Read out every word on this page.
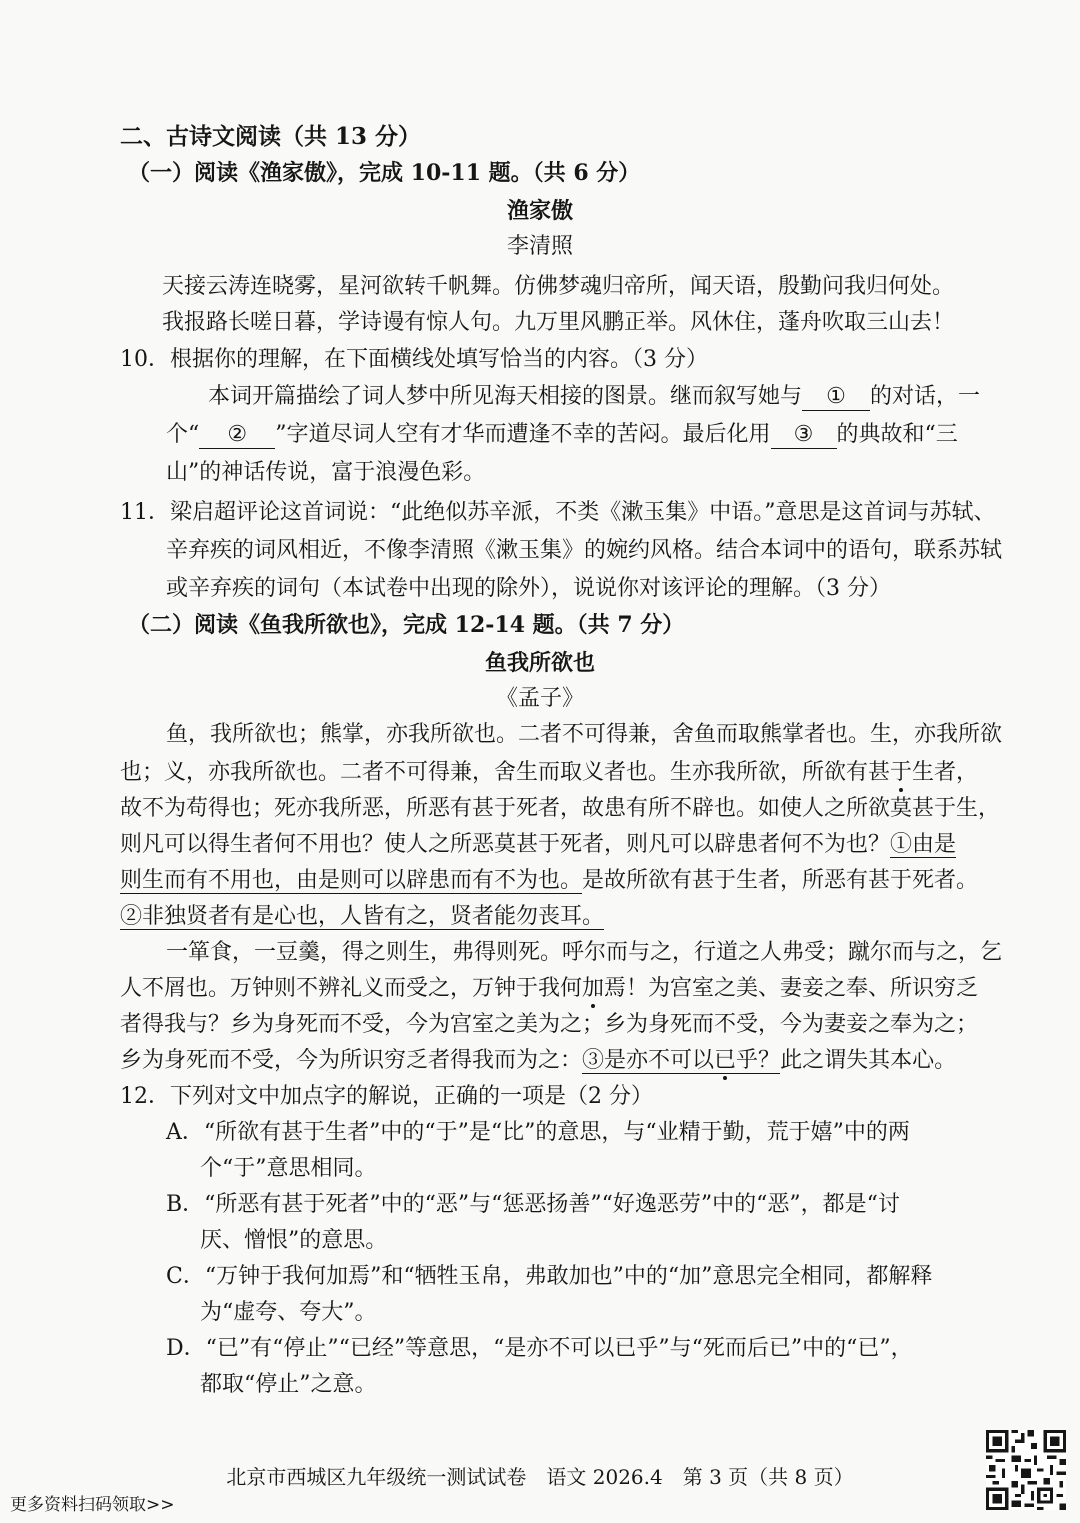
二、古诗文阅读（共 13 分）
（一）阅读《渔家傲》，完成 10-11 题。（共 6 分）
渔家傲
李清照
天接云涛连晓雾，星河欲转千帆舞。仿佛梦魂归帝所，闻天语，殷勤问我归何处。
我报路长嗟日暮，学诗谩有惊人句。九万里风鹏正举。风休住，蓬舟吹取三山去！
10．根据你的理解，在下面横线处填写恰当的内容。（3 分）
本词开篇描绘了词人梦中所见海天相接的图景。继而叙写她与 ① 的对话，一
个“ ② ”字道尽词人空有才华而遭逢不幸的苦闷。最后化用 ③ 的典故和“三
山”的神话传说，富于浪漫色彩。
11．梁启超评论这首词说：“此绝似苏辛派，不类《漱玉集》中语。”意思是这首词与苏轼、
辛弃疾的词风相近，不像李清照《漱玉集》的婉约风格。结合本词中的语句，联系苏轼
或辛弃疾的词句（本试卷中出现的除外），说说你对该评论的理解。（3 分）
（二）阅读《鱼我所欲也》，完成 12-14 题。（共 7 分）
鱼我所欲也
《孟子》
鱼，我所欲也；熊掌，亦我所欲也。二者不可得兼，舍鱼而取熊掌者也。生，亦我所欲
也；义，亦我所欲也。二者不可得兼，舍生而取义者也。生亦我所欲，所欲有甚于生者，
故不为苟得也；死亦我所恶，所恶有甚于死者，故患有所不辟也。如使人之所欲莫甚于生，
则凡可以得生者何不用也？使人之所恶莫甚于死者，则凡可以辟患者何不为也？①由是
则生而有不用也，由是则可以辟患而有不为也。是故所欲有甚于生者，所恶有甚于死者。
②非独贤者有是心也，人皆有之，贤者能勿丧耳。
一箪食，一豆羹，得之则生，弗得则死。呼尔而与之，行道之人弗受；蹴尔而与之，乞
人不屑也。万钟则不辨礼义而受之，万钟于我何加焉！为宫室之美、妻妾之奉、所识穷乏
者得我与？乡为身死而不受，今为宫室之美为之；乡为身死而不受，今为妻妾之奉为之；
乡为身死而不受，今为所识穷乏者得我而为之：③是亦不可以已乎？此之谓失其本心。
12．下列对文中加点字的解说，正确的一项是（2 分）
A．“所欲有甚于生者”中的“于”是“比”的意思，与“业精于勤，荒于嬉”中的两
个“于”意思相同。
B．“所恶有甚于死者”中的“恶”与“惩恶扬善”“好逸恶劳”中的“恶”，都是“讨
厌、憎恨”的意思。
C．“万钟于我何加焉”和“牺牲玉帛，弗敢加也”中的“加”意思完全相同，都解释
为“虚夸、夸大”。
D．“已”有“停止”“已经”等意思，“是亦不可以已乎”与“死而后已”中的“已”，
都取“停止”之意。
北京市西城区九年级统一测试试卷　语文 2026.4　第 3 页（共 8 页）
更多资料扫码领取>>
